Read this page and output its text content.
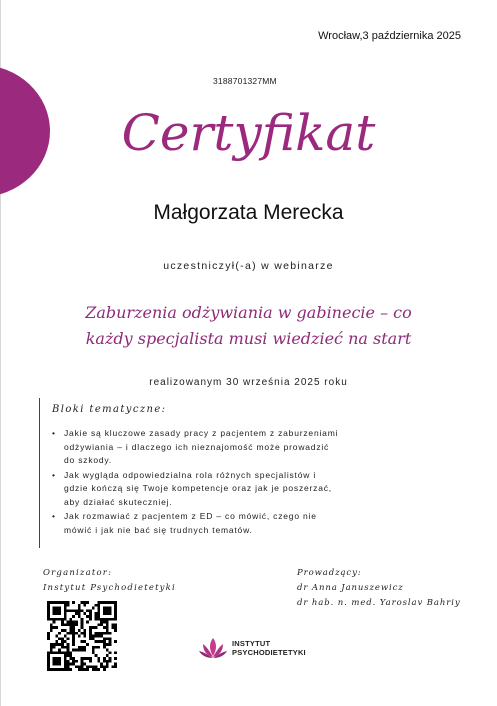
Wrocław,3 października 2025
3188701327MM
Certyfikat
Małgorzata Merecka
uczestniczył(-a) w webinarze
Zaburzenia odżywiania w gabinecie – co
każdy specjalista musi wiedzieć na start
realizowanym 30 września 2025 roku
Bloki tematyczne:
• Jakie są kluczowe zasady pracy z pacjentem z zaburzeniami
odżywiania – i dlaczego ich nieznajomość może prowadzić
do szkody.
• Jak wygląda odpowiedzialna rola różnych specjalistów i
gdzie kończą się Twoje kompetencje oraz jak je poszerzać,
aby działać skuteczniej.
• Jak rozmawiać z pacjentem z ED – co mówić, czego nie
mówić i jak nie bać się trudnych tematów.
Organizator:
Instytut Psychodietetyki
Prowadzący:
dr Anna Januszewicz
dr hab. n. med. Yaroslav Bahriy
INSTYTUT
PSYCHODIETETYKI
